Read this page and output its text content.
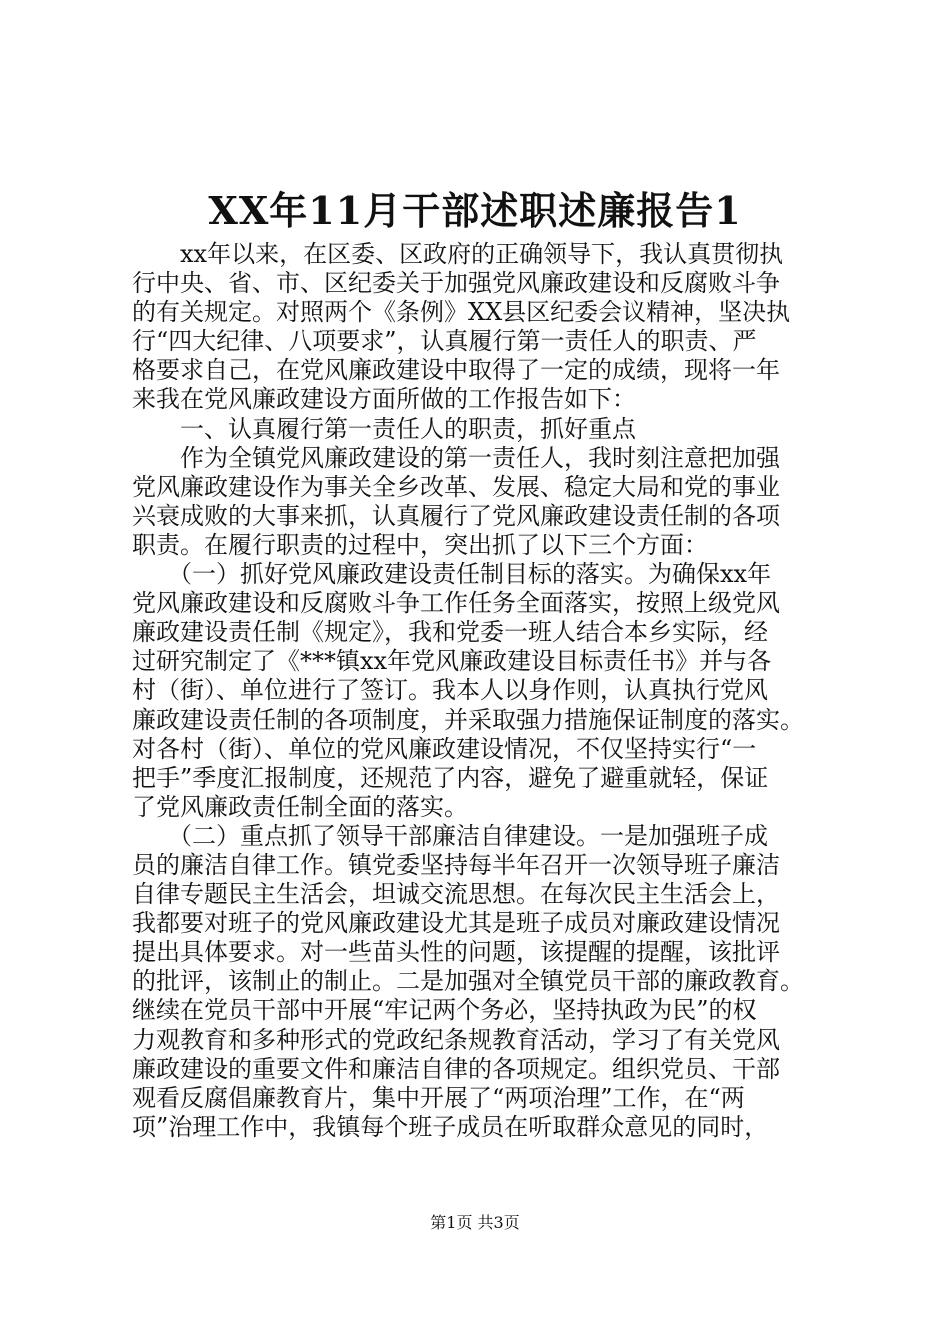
XX年11月干部述职述廉报告1
　　xx年以来，在区委、区政府的正确领导下，我认真贯彻执
行中央、省、市、区纪委关于加强党风廉政建设和反腐败斗争
的有关规定。对照两个《条例》XX县区纪委会议精神，坚决执
行“四大纪律、八项要求”，认真履行第一责任人的职责、严
格要求自己，在党风廉政建设中取得了一定的成绩，现将一年
来我在党风廉政建设方面所做的工作报告如下：
　　一、认真履行第一责任人的职责，抓好重点
　　作为全镇党风廉政建设的第一责任人，我时刻注意把加强
党风廉政建设作为事关全乡改革、发展、稳定大局和党的事业
兴衰成败的大事来抓，认真履行了党风廉政建设责任制的各项
职责。在履行职责的过程中，突出抓了以下三个方面：
　　（一）抓好党风廉政建设责任制目标的落实。为确保xx年
党风廉政建设和反腐败斗争工作任务全面落实，按照上级党风
廉政建设责任制《规定》，我和党委一班人结合本乡实际，经
过研究制定了《***镇xx年党风廉政建设目标责任书》并与各
村（街）、单位进行了签订。我本人以身作则，认真执行党风
廉政建设责任制的各项制度，并采取强力措施保证制度的落实。
对各村（街）、单位的党风廉政建设情况，不仅坚持实行“一
把手”季度汇报制度，还规范了内容，避免了避重就轻，保证
了党风廉政责任制全面的落实。
　　（二）重点抓了领导干部廉洁自律建设。一是加强班子成
员的廉洁自律工作。镇党委坚持每半年召开一次领导班子廉洁
自律专题民主生活会，坦诚交流思想。在每次民主生活会上，
我都要对班子的党风廉政建设尤其是班子成员对廉政建设情况
提出具体要求。对一些苗头性的问题，该提醒的提醒，该批评
的批评，该制止的制止。二是加强对全镇党员干部的廉政教育。
继续在党员干部中开展“牢记两个务必，坚持执政为民”的权
力观教育和多种形式的党政纪条规教育活动，学习了有关党风
廉政建设的重要文件和廉洁自律的各项规定。组织党员、干部
观看反腐倡廉教育片，集中开展了“两项治理”工作，在“两
项”治理工作中，我镇每个班子成员在听取群众意见的同时，
第1页 共3页
